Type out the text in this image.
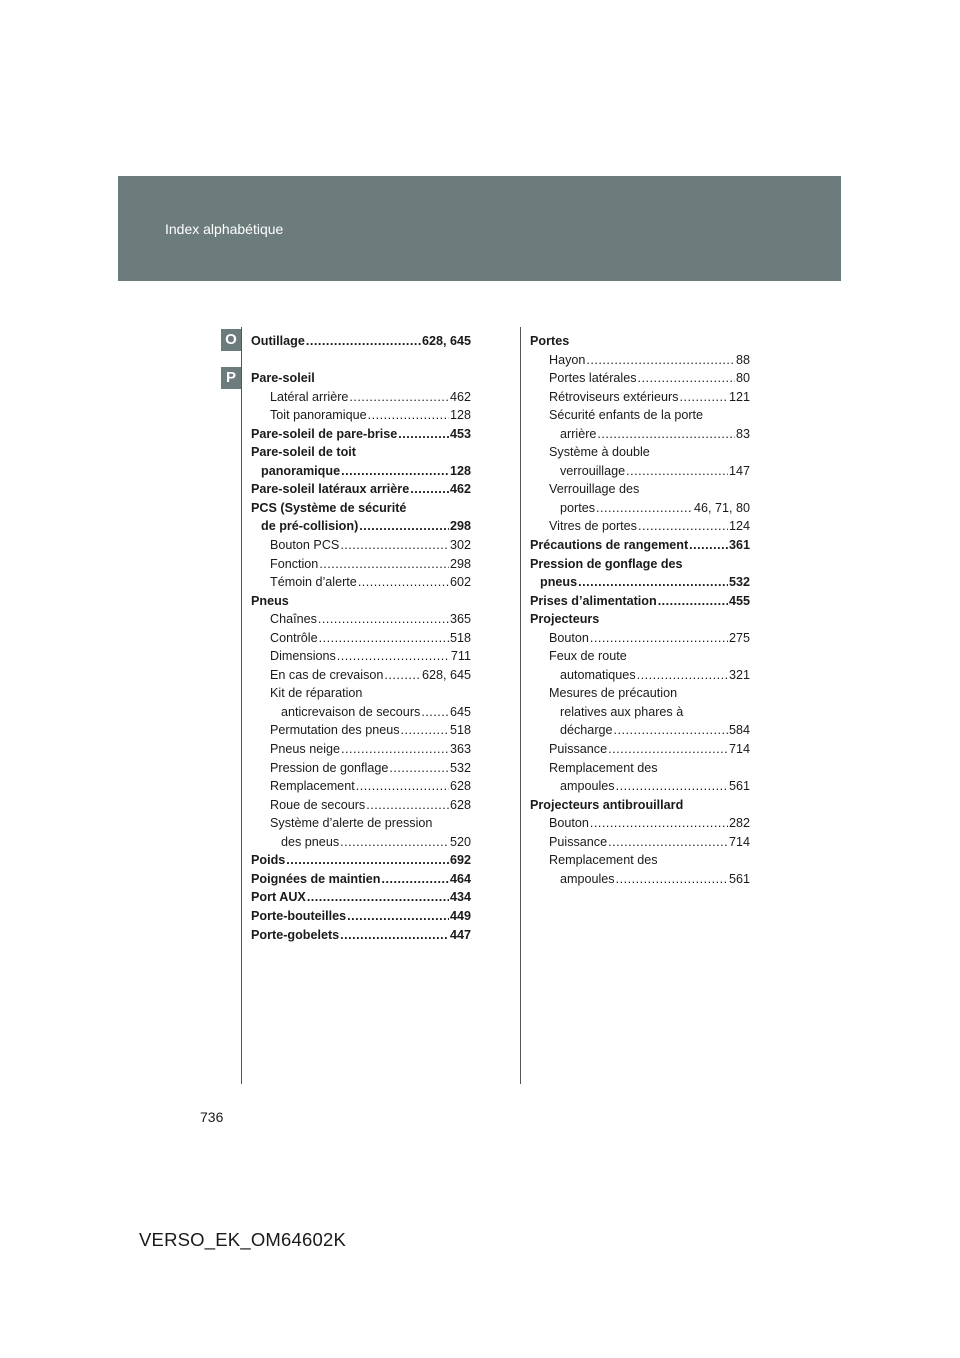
Index alphabétique
O
P
Outillage .....	628, 645
Pare-soleil
Latéral arrière .....	462
Toit panoramique .....	128
Pare-soleil de pare-brise .....	453
Pare-soleil de toit
panoramique .....	128
Pare-soleil latéraux arrière .....	462
PCS (Système de sécurité
de pré-collision) .....	298
Bouton PCS .....	302
Fonction .....	298
Témoin d’alerte .....	602
Pneus
Chaînes .....	365
Contrôle .....	518
Dimensions .....	711
En cas de crevaison .....	628, 645
Kit de réparation
anticrevaison de secours ..... 645
Permutation des pneus .....	518
Pneus neige .....	363
Pression de gonflage .....	532
Remplacement .....	628
Roue de secours .....	628
Système d’alerte de pression
des pneus .....	520
Poids .....	692
Poignées de maintien .....	464
Port AUX .....	434
Porte-bouteilles .....	449
Porte-gobelets .....	447
Portes
Hayon .....	88
Portes latérales .....	80
Rétroviseurs extérieurs .....	121
Sécurité enfants de la porte
arrière .....	83
Système à double
verrouillage .....	147
Verrouillage des
portes .....	46, 71, 80
Vitres de portes .....	124
Précautions de rangement .....	361
Pression de gonflage des
pneus .....	532
Prises d’alimentation .....	455
Projecteurs
Bouton .....	275
Feux de route
automatiques .....	321
Mesures de précaution
relatives aux phares à
décharge .....	584
Puissance .....	714
Remplacement des
ampoules .....	561
Projecteurs antibrouillard
Bouton .....	282
Puissance .....	714
Remplacement des
ampoules .....	561
736
VERSO_EK_OM64602K
